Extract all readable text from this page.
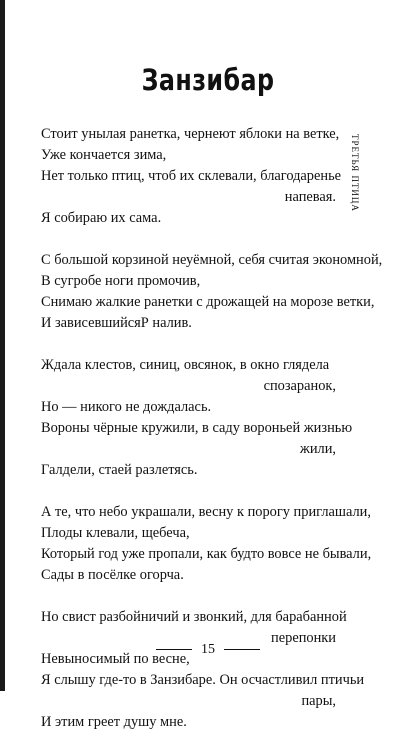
Занзибар
ТРЕТЬЯ ПТИЦА
Стоит унылая ранетка, чернеют яблоки на ветке,
Уже кончается зима,
Нет только птиц, чтоб их склевали, благодаренье
напевая.
Я собираю их сама.
С большой корзиной неуёмной, себя считая экономной,
В сугробе ноги промочив,
Снимаю жалкие ранетки с дрожащей на морозе ветки,
И зависевшийсяР налив.
Ждала клестов, синиц, овсянок, в окно глядела
спозаранок,
Но — никого не дождалась.
Вороны чёрные кружили, в саду вороньей жизнью
жили,
Галдели, стаей разлетясь.
А те, что небо украшали, весну к порогу приглашали,
Плоды клевали, щебеча,
Который год уже пропали, как будто вовсе не бывали,
Сады в посёлке огорча.
Но свист разбойничий и звонкий, для барабанной
перепонки
Невыносимый по весне,
Я слышу где-то в Занзибаре. Он осчастливил птичьи
пары,
И этим греет душу мне.
15
